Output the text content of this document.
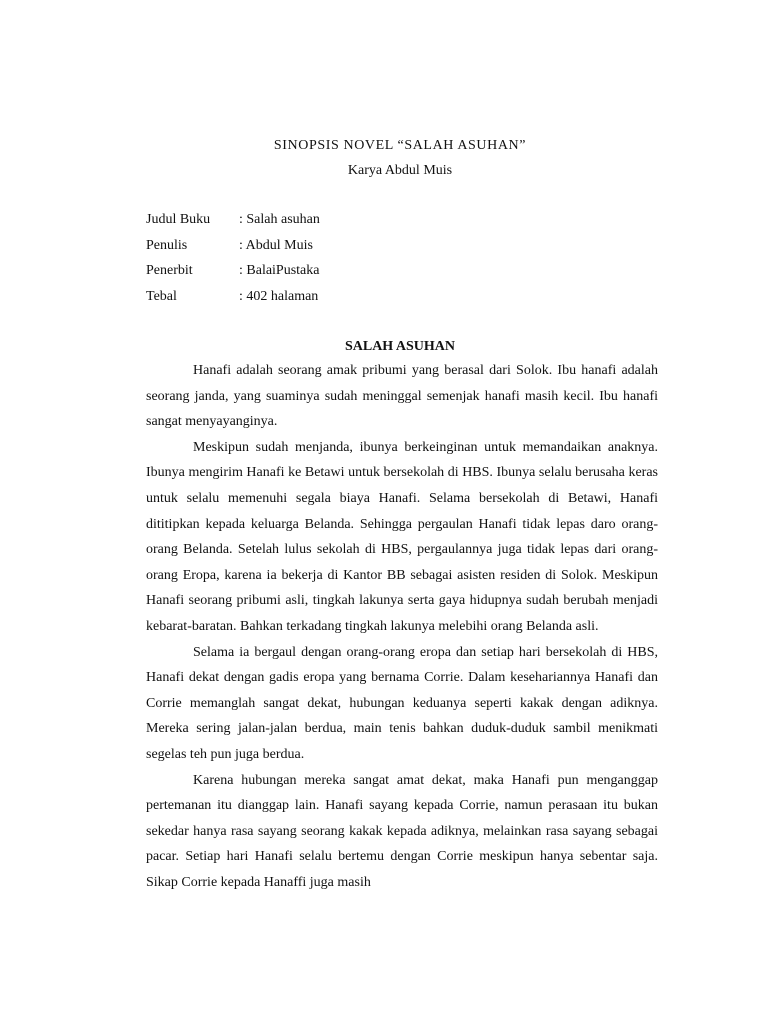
SINOPSIS NOVEL “SALAH ASUHAN”
Karya Abdul Muis
Judul Buku	: Salah asuhan
Penulis	: Abdul Muis
Penerbit	: BalaiPustaka
Tebal	: 402 halaman
SALAH ASUHAN

Hanafi adalah seorang amak pribumi yang berasal dari Solok. Ibu hanafi adalah seorang janda, yang suaminya sudah meninggal semenjak hanafi masih kecil. Ibu hanafi sangat menyayanginya.

Meskipun sudah menjanda, ibunya berkeinginan untuk memandaikan anaknya. Ibunya mengirim Hanafi ke Betawi untuk bersekolah di HBS. Ibunya selalu berusaha keras untuk selalu memenuhi segala biaya Hanafi. Selama bersekolah di Betawi, Hanafi dititipkan kepada keluarga Belanda. Sehingga pergaulan Hanafi tidak lepas daro orang-orang Belanda. Setelah lulus sekolah di HBS, pergaulannya juga tidak lepas dari orang-orang Eropa, karena ia bekerja di Kantor BB sebagai asisten residen di Solok. Meskipun Hanafi seorang pribumi asli, tingkah lakunya serta gaya hidupnya sudah berubah menjadi kebarat-baratan. Bahkan terkadang tingkah lakunya melebihi orang Belanda asli.

Selama ia bergaul dengan orang-orang eropa dan setiap hari bersekolah di HBS, Hanafi dekat dengan gadis eropa yang bernama Corrie. Dalam kesehariannya Hanafi dan Corrie memanglah sangat dekat, hubungan keduanya seperti kakak dengan adiknya. Mereka sering jalan-jalan berdua, main tenis bahkan duduk-duduk sambil menikmati segelas teh pun juga berdua.

Karena hubungan mereka sangat amat dekat, maka Hanafi pun menganggap pertemanan itu dianggap lain. Hanafi sayang kepada Corrie, namun perasaan itu bukan sekedar hanya rasa sayang seorang kakak kepada adiknya, melainkan rasa sayang sebagai pacar. Setiap hari Hanafi selalu bertemu dengan Corrie meskipun hanya sebentar saja. Sikap Corrie kepada Hanaffi juga masih
